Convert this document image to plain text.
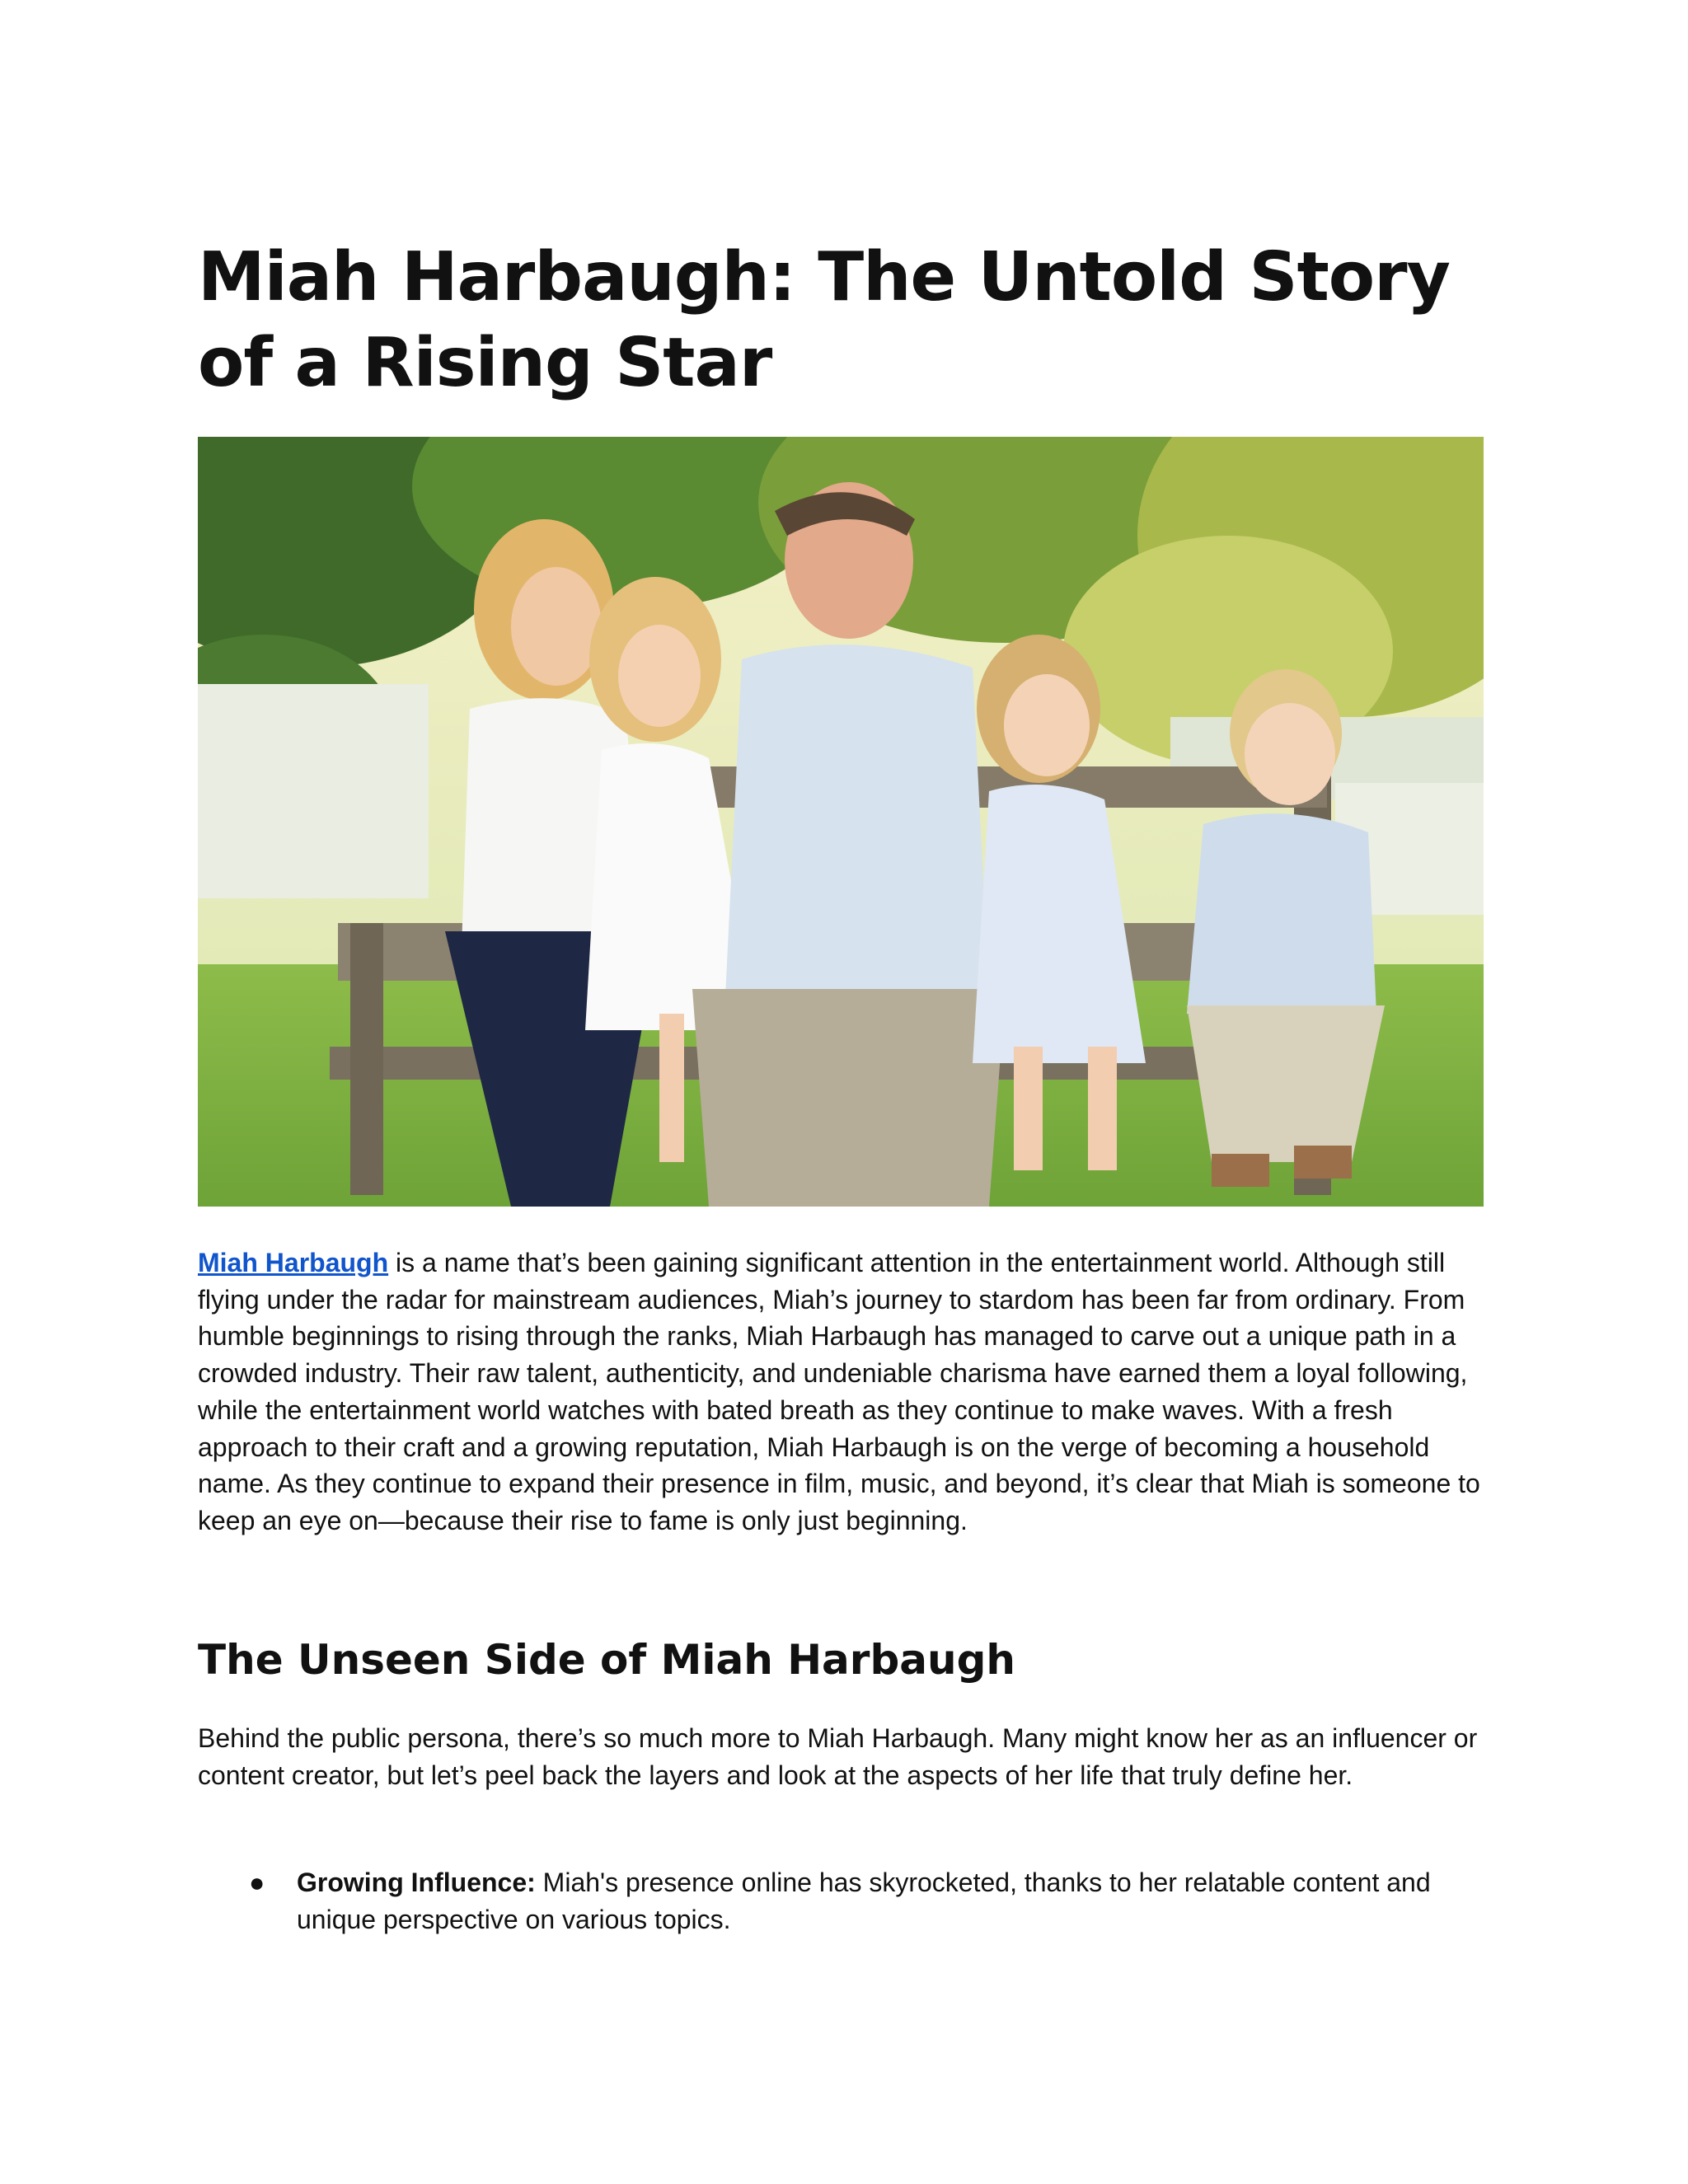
Miah Harbaugh: The Untold Story of a Rising Star

Miah Harbaugh is a name that’s been gaining significant attention in the entertainment world. Although still flying under the radar for mainstream audiences, Miah’s journey to stardom has been far from ordinary. From humble beginnings to rising through the ranks, Miah Harbaugh has managed to carve out a unique path in a crowded industry. Their raw talent, authenticity, and undeniable charisma have earned them a loyal following, while the entertainment world watches with bated breath as they continue to make waves. With a fresh approach to their craft and a growing reputation, Miah Harbaugh is on the verge of becoming a household name. As they continue to expand their presence in film, music, and beyond, it’s clear that Miah is someone to keep an eye on—because their rise to fame is only just beginning.

The Unseen Side of Miah Harbaugh

Behind the public persona, there’s so much more to Miah Harbaugh. Many might know her as an influencer or content creator, but let’s peel back the layers and look at the aspects of her life that truly define her.

● Growing Influence: Miah's presence online has skyrocketed, thanks to her relatable content and unique perspective on various topics.
